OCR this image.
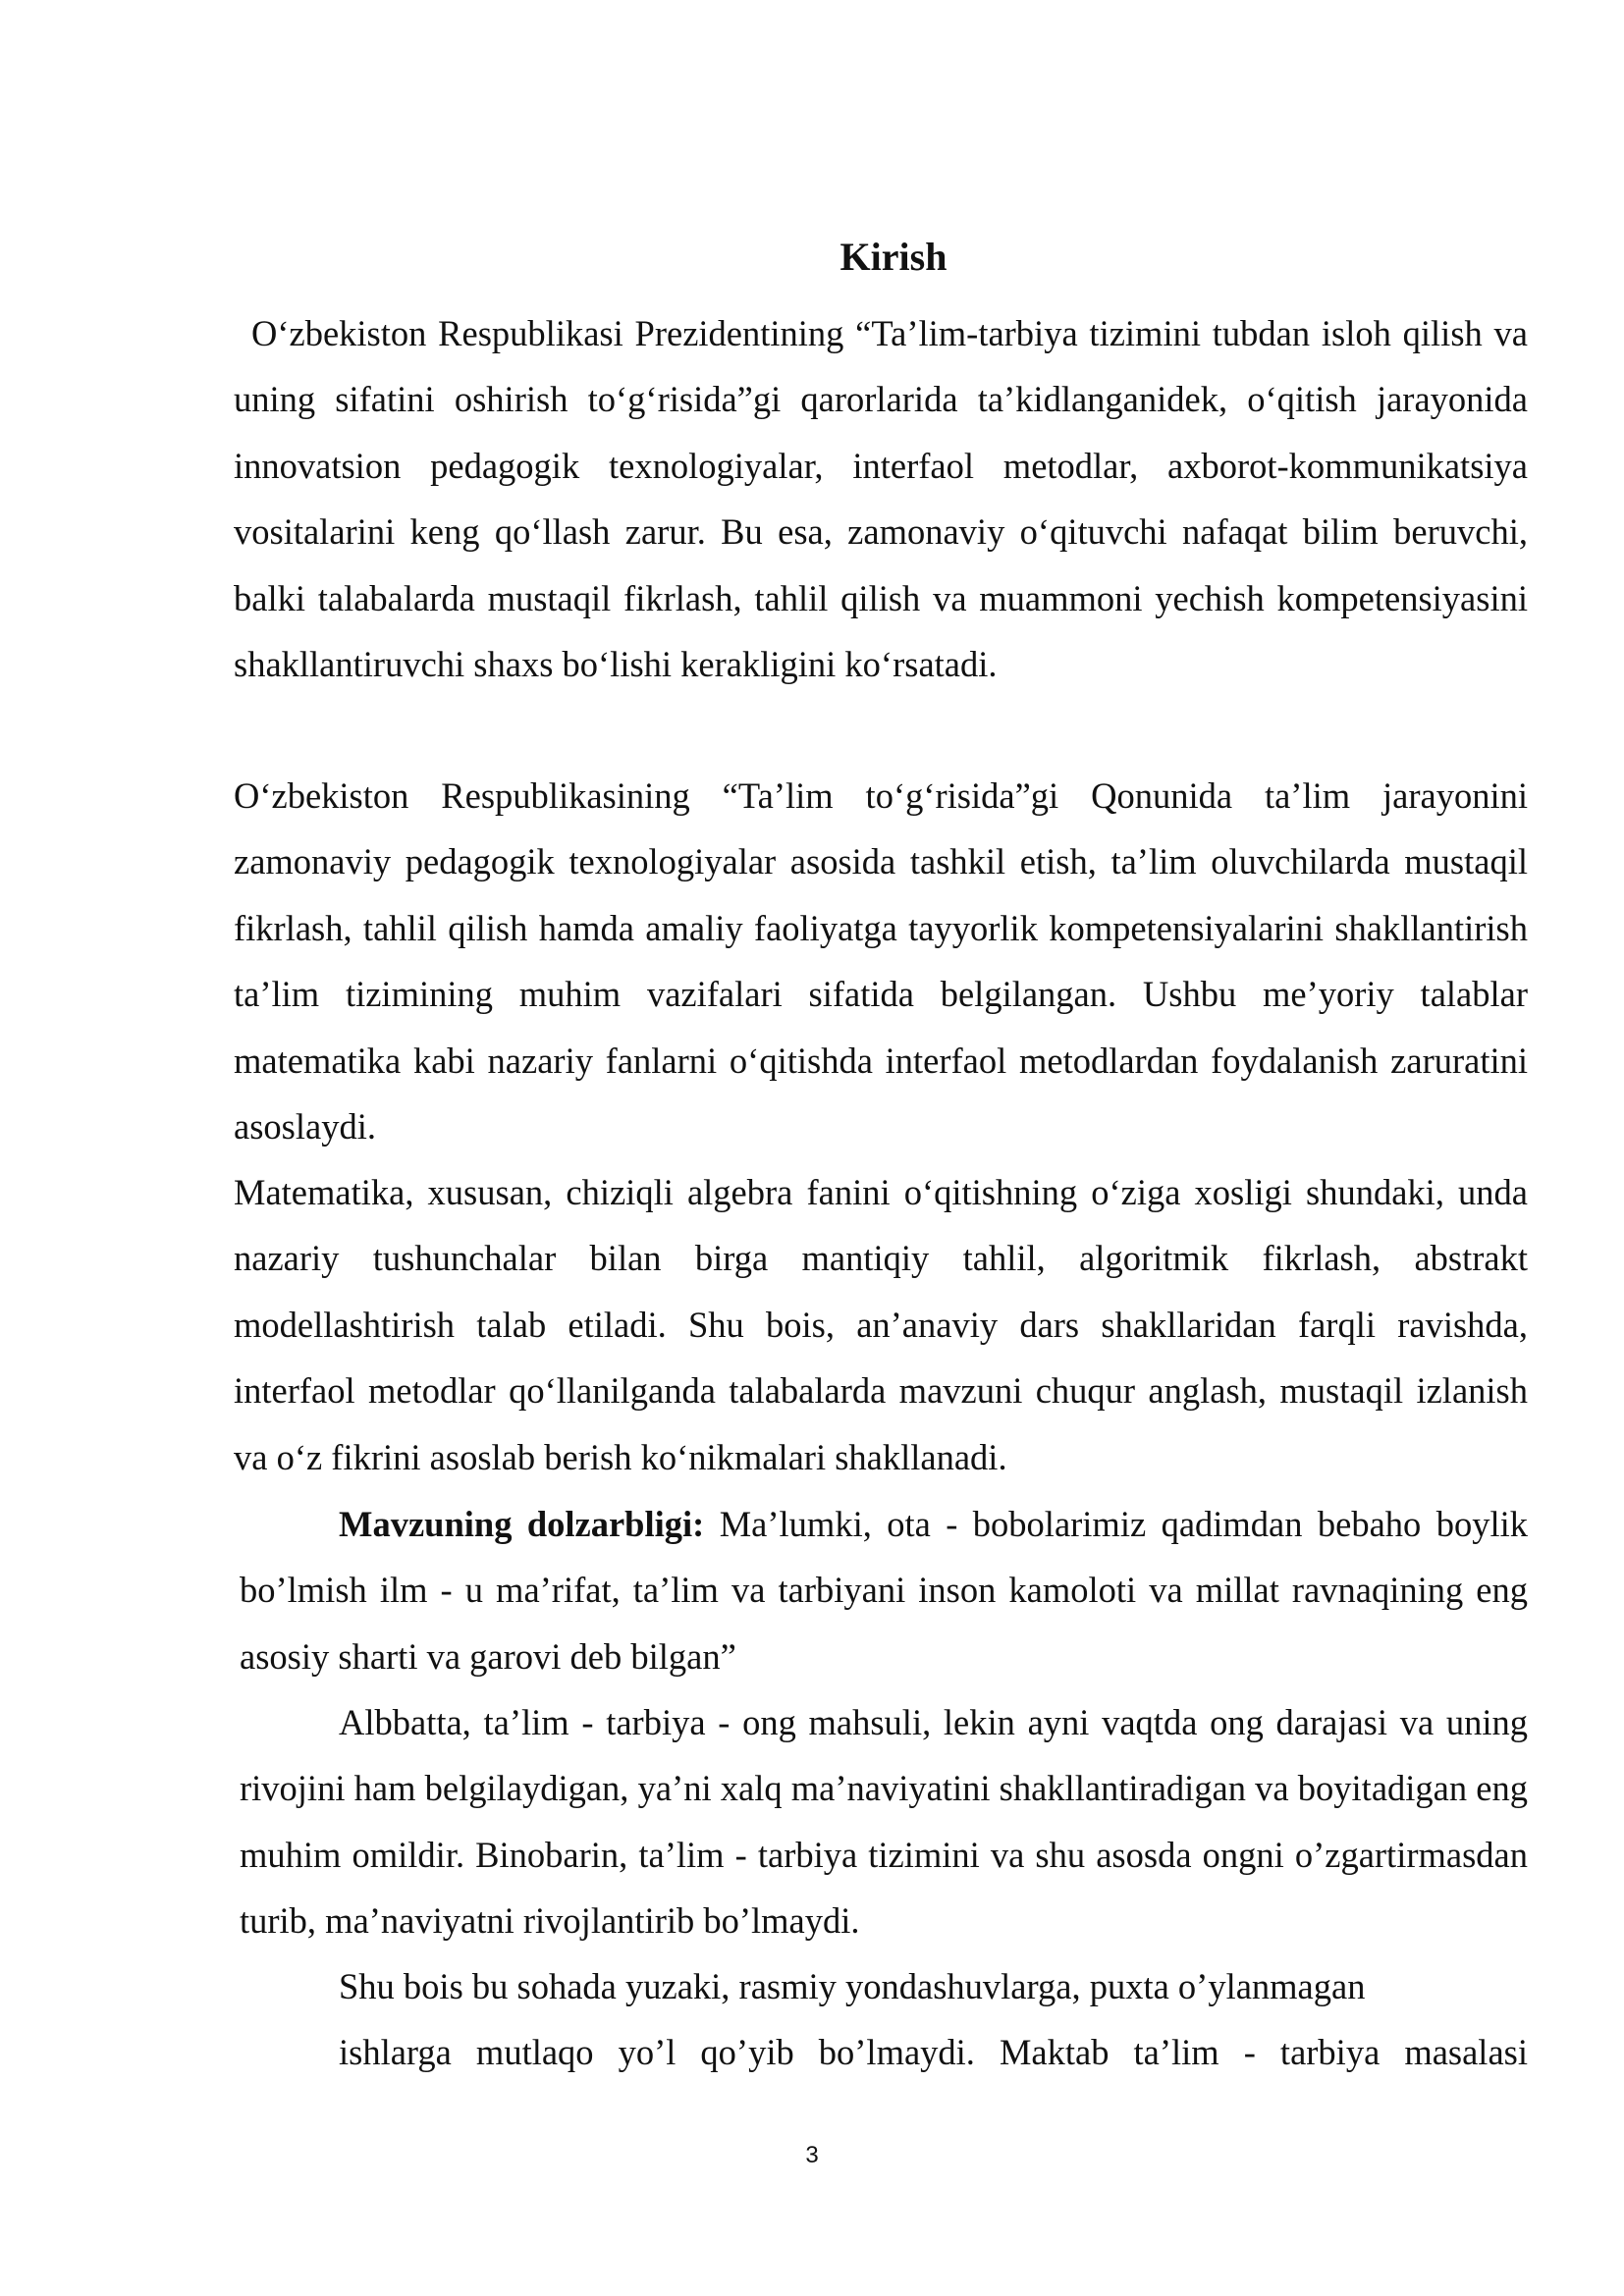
Kirish

O‘zbekiston Respublikasi Prezidentining “Ta’lim-tarbiya tizimini tubdan isloh qilish va uning sifatini oshirish to‘g‘risida”gi qarorlarida ta’kidlanganidek, o‘qitish jarayonida innovatsion pedagogik texnologiyalar, interfaol metodlar, axborot-kommunikatsiya vositalarini keng qo‘llash zarur. Bu esa, zamonaviy o‘qituvchi nafaqat bilim beruvchi, balki talabalarda mustaqil fikrlash, tahlil qilish va muammoni yechish kompetensiyasini shakllantiruvchi shaxs bo‘lishi kerakligini ko‘rsatadi.

O‘zbekiston Respublikasining “Ta’lim to‘g‘risida”gi Qonunida ta’lim jarayonini zamonaviy pedagogik texnologiyalar asosida tashkil etish, ta’lim oluvchilarda mustaqil fikrlash, tahlil qilish hamda amaliy faoliyatga tayyorlik kompetensiyalarini shakllantirish ta’lim tizimining muhim vazifalari sifatida belgilangan. Ushbu me’yoriy talablar matematika kabi nazariy fanlarni o‘qitishda interfaol metodlardan foydalanish zaruratini asoslaydi.

Matematika, xususan, chiziqli algebra fanini o‘qitishning o‘ziga xosligi shundaki, unda nazariy tushunchalar bilan birga mantiqiy tahlil, algoritmik fikrlash, abstrakt modellashtirish talab etiladi. Shu bois, an’anaviy dars shakllaridan farqli ravishda, interfaol metodlar qo‘llanilganda talabalarda mavzuni chuqur anglash, mustaqil izlanish va o‘z fikrini asoslab berish ko‘nikmalari shakllanadi.

Mavzuning dolzarbligi: Ma’lumki, ota - bobolarimiz qadimdan bebaho boylik bo’lmish ilm - u ma’rifat, ta’lim va tarbiyani inson kamoloti va millat ravnaqining eng asosiy sharti va garovi deb bilgan”

Albbatta, ta’lim - tarbiya - ong mahsuli, lekin ayni vaqtda ong darajasi va uning rivojini ham belgilaydigan, ya’ni xalq ma’naviyatini shakllantiradigan va boyitadigan eng muhim omildir. Binobarin, ta’lim - tarbiya tizimini va shu asosda ongni o’zgartirmasdan turib, ma’naviyatni rivojlantirib bo’lmaydi.

Shu bois bu sohada yuzaki, rasmiy yondashuvlarga, puxta o’ylanmagan

ishlarga mutlaqo yo’l qo’yib bo’lmaydi. Maktab ta’lim - tarbiya masalasi

3
